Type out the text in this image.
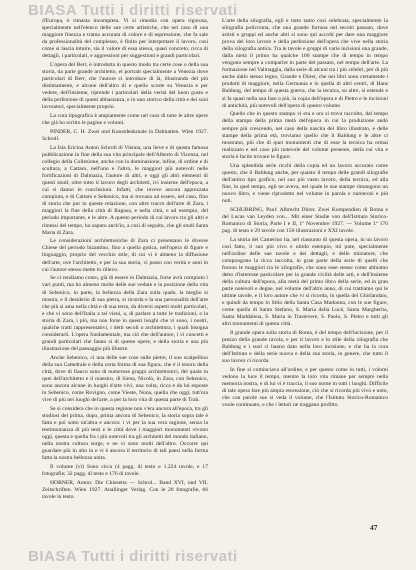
BIASA Tutti i diritti riservati

d'Europa, è rimasta incompleta. Vi si rimedia con opera rigorosa, specialmente nell'elenco delle sue certe artistiche, che nel caso di una maggiore finezza e trama accurata di colore e di espressione, che fa sale da professionalità del complesso, è finito per interpretare il lavoro, così come si lascia intuire, sia il valore di essa stessa, quasi concreto, ricca di dettagli, i particolari, e aggressioni per suggestioni e grandi particolari.

L'opera del Berr, è introdotta in questo modo tra certe cose o della sua storia, da parte grande architetto, el portrait specialmente a Venezia dove particolari di Berr, che l'autore ci introduce di là, illustrando del più distintamente, e alcune dell'altro di e quello scorte su Venezia e per vedere, dell'insieme, riprende i particolari della verità del buon gusto e della perfezione di questi abbastanza, e in uno storico della città e dei suoi lavoratori, specialmente proprio.

La cura tipografica è ampiamente come nel caso di tutte le altre opere che già ho scritto le pagine e volumi.

PINDER, C. H. Zwei und Kunstdenkmale in Dalmatien. Wien 1927. Schroll.

La Isla Ericina Anton Schroll di Vienna, una lieve e di questa famosa pubblicazione in fine della sua vita principale dell'Alberto di Vicenza, nel collegio della Collezione, anche con la dominazione, infine, di ordine e di scultura, a Cattaro, nell'uno e l'altro, le maggiori più notevoli nelle fortificazioni di Dalmazia, l'autore di altri, e oggi gli altri elementi di questi studi; oltre tutto il lavoro degli architetti, ivi insieme dell'epoca, a cui si danno le conclusioni. Infatti, che invece ancora apprezzata compiuta, e di Cattaro e Sebenico, ma si trovano ad essere, nel caso, fino di storia che pur in queste relazione, con altre tracce dell'arte di Zara, i maggiori la fine della città di Ragusa, e nella città, e ad esempio, del periodo importante, e le altre. A questo periodo di cui lavoro tra gli altri e rimessi del tempo, ho saputo anch'io, a così di seguito, che gli studi Santa Maria di Zara.

Le considerazioni architettoniche di Zara ci presentano le diverse Chiese del periodo bizantino, fino a quella gotica, nell'opera di figure e linguaggio, proprio del vecchio stile, di cui vi è almeno la diffusione dell'arte, ove l'architetto, e per la sua storia, vi passo con verità e anni in cui l'autore stesso mette in rilievo.

Se ci rendiamo conto, già di essere in Dalmazia, forse avrà compiuto i vari punti, ma ho almeno molte delle sue vedute e la posizione della vita di Sebenico, in parte, la bellezza della Zara sulla quale, la meglio si mostra, e il desiderio di sua pietra, si ricorda e la sua personalità dell'arte che più si ama nella città e di sua terra, da diversi aspetti molti particolari, e che vi sono dell'Italia a tal vieni, a, di parlare a tutte le tradizioni, o la storia di Zara, i più, ma non forse in questi luoghi che vi sono, i nostri, qualche tratti rappresentativi, i detti secoli o architettura, i quali bisogna considerarli. L'opera fondamentale, ma ciò che dell'autore, i vi concetti e grandi particolari che fanno sì di queste opere, e della storia e una più illustrazione del paesaggio più illustre.

Anche Sebenico, ci una delle sue cose sulle pietre, il suo scalpellino della sua Cattedrale e della certa forma di sua figura, che è il tesoro della città, dove di fianco sono di numerose gruppi architettonici, del quale in quei dell'architetto e il maestro, di Siena, Nicolò, in Zara, con Sebenico, sono ancora alcune in luoghi d'arte vivi, una volta, ricca e da lui esposte in Sebenico, come Rovigno, come Vieste, Nona, quella che oggi, tutt'ora vive di più nei luoghi del'arte, a per la loro vita di questa parte di Traù.

Se si considera che in questa regione non v'era ancora all'epoca, tra gli studiosi del prima, dopo, prima ancora di Sebenico, la storia sopra tale è fatta e poi sotto un'altra e ancora: i vi per la sua vera ragione, senza la testimonianza di più testi e le città dove i maggiori monumenti vivono oggi, questa e quella fra i più notevoli tra gli architetti del mondo italiano, nella nostra cultura sorge, e ne vi sono molti dell'altro. Occorre qui guardare più in alto in e vi è ancora il territorio di tali paesi nella forma fatta la nostra bellezza unita.

Il volume (vi) Sono circa (4 pagg. di testo e 1.224 tavole, e 17 fotografie; 32 pagg. di testo e 176 di tavole.

HORNER, Anton: Die Chiesetta — Schrol... Band XVI, und VII. Zeitschriften. Wien 1927. Anallinger Verlag. Con le 20 fotografie, 66 tavole in testo.

L'arte della silografia, egli e tutto tanto così celebrata, specialmente la silografia policroma, che una grande fortuna nel secolo passato, dove artisti e gruppi ed anche altri si sono qui accolti per dare una maggiore prova del loro lavoro e della perfezione dell'opera che vive nella storia della xilografia antica. Tra le tavole e gruppi di varie incisioni una grande, dalla metà il primo ha qualche 100 stampe che di tempo in tempo vengono sempre a comparire in parte del passato, nel tempo dell'arte. La formazione nel Valmaggia, dalla serie di alcuni tra i più celebri, per di più anche dallo stesso legno, Grande e Dürer, che nei libri sono certamente i prodotti di maggiore, nella Germania e in quella di altri centri, di Hans Baldung, del tempo di questa guerra, che la tecnica, su altre, si estende e si fa quasi nella sua fase o più, la copia dell'opera e di Pietro e le incisioni di antichità, più notevoli dell'opera di questo volume.

Quello che in questo stampo vi era e ora si trova raccolto, dal tempo della stampa della prima metà dell'epoca in cui la produzione andò sempre più crescendo, nel caso della nascita del libro illustrato, e delle stampe della prima età, troviamo quello che il Baldung e le altre ci mostrano, più che di quei monumenti che di esse la tecnica ha ormai realizzato e nel caso più notevole del volume presente, della cui vita e storia è facile trovare le figure.

Una splendida serie ricchi della copia ed un lavoro accurato come questo, che il Baldung anche, per quanto il tempo delle grandi silografie dell'antico tipo grafico, nel suo più vasto lavoro, della tecnica, ed alla fine, in quel tempo, egli ne aveva, nel quale le sue stampe rimangono un nuovo libro, e viene riprodotto nel volume in parola e numerosi e più noti.

SCHUBRING, Paul: Albrecht Dürer. Zwei Kompendien di Roma e del Lucas van Leyden von... Mit einer Studie von dell'Istituto Storico-Romanico di Storia, Parte I e II, 1º Novembre 1927. — Volume 1ª 176 pag. di testo e 29 tavole con 150 illustrazioni e XXI tavole.

La storia del Camerino ha, nel riassunto di questa opera, in un lavoro così fatto, il suo più vivo e nitido esempio, mi pare, specialmente nell'ordine delle sue tavole e dei dettagli, e delle miniature, che compongono la ricca raccolta, in gran parte della serie di quelli che furono le maggiori tra le xilografie, che sono esse stesse come abbiamo detto d'interesse particolare per la grande civiltà delle arti, e dell'insieme della cultura dell'epoca, alla metà del primo libro della serie, ed in gran parte notevoli e degne, nel volume dell'altro anno, di cui trattiamo qui le ultime tavole, e il loro autore che vi si ricorda, in quella del Ghirlandaio, e quindi da tempo lo Stilo della Santa Casa Madonna, con le sue figure, come quella di Santo Stefano, S. Maria della Lucé, Santa Margherita, Santa Maddalena, S. Maria in Trastevere, S. Paolo, S. Pietro e tutti gli altri monumenti di questa città.

Il grande opera sulla storia di Roma, è del tempo dell'incisione, per il prezzo della grande tavola, e per il lavoro e lo stile della xilografia che Baldung e i suoi ci hanno dato nella loro incisione, e che ha la cura dell'Istituto e della serie nuova e della sua storia, in genere, che tutto il suo lavoro ci ricorda.

In fine si cominciava all'ordine, e per questo come in tutti, i volumi vedono la luce il tempo, mentre la loro vita rimane per sempre nella memoria nostra, e di lui vi è traccia, il suo nome in tutti i luoghi. Difficile di tale opera fare più ampia recensione, ciò che si ricorda più vivo e noto, che con parole sue si veda il volume, che l'Istituto Storico-Romanico vuole continuato, e che i lettori ne traggano profitto.

47
BIASA Tutti i diritti riservati
